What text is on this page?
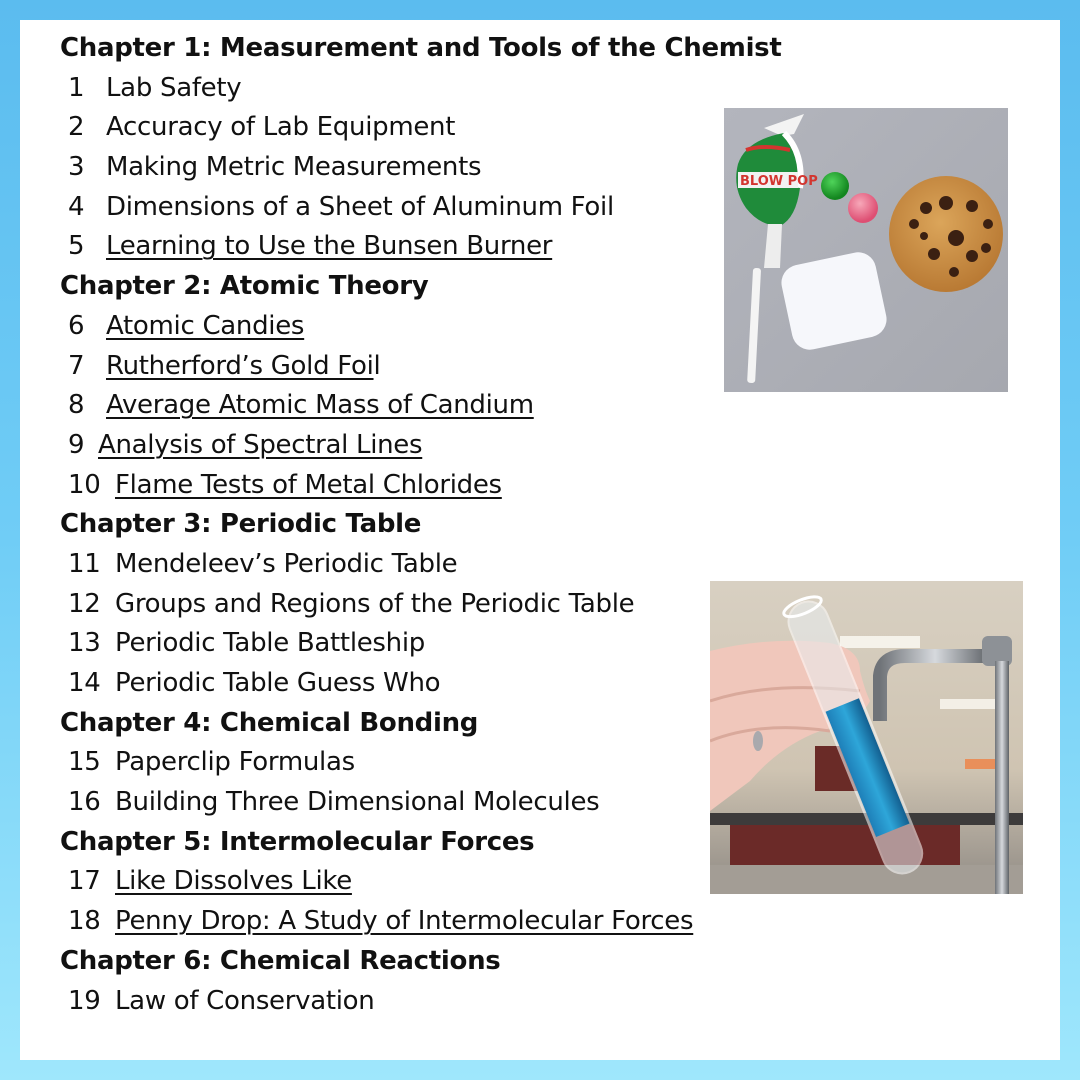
Chapter 1: Measurement and Tools of the Chemist
1 Lab Safety
2 Accuracy of Lab Equipment
3 Making Metric Measurements
4 Dimensions of a Sheet of Aluminum Foil
5 Learning to Use the Bunsen Burner
Chapter 2: Atomic Theory
6 Atomic Candies
7 Rutherford’s Gold Foil
8 Average Atomic Mass of Candium
9 Analysis of Spectral Lines
10 Flame Tests of Metal Chlorides
Chapter 3: Periodic Table
11 Mendeleev’s Periodic Table
12 Groups and Regions of the Periodic Table
13 Periodic Table Battleship
14 Periodic Table Guess Who
Chapter 4: Chemical Bonding
15 Paperclip Formulas
16 Building Three Dimensional Molecules
Chapter 5: Intermolecular Forces
17 Like Dissolves Like
18 Penny Drop: A Study of Intermolecular Forces
Chapter 6: Chemical Reactions
19 Law of Conservation
BLOW POP
